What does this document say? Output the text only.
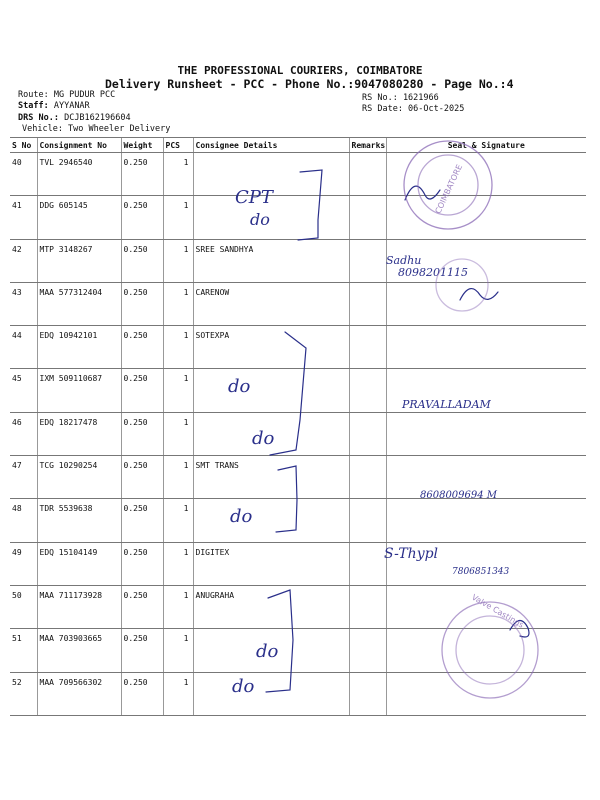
THE PROFESSIONAL COURIERS, COIMBATORE
Delivery Runsheet - PCC - Phone No.:9047080280 - Page No.:4
Route: MG PUDUR PCC
Staff: AYYANAR
DRS No.: DCJB162196604
Vehicle: Two Wheeler Delivery
RS No.: 1621966
RS Date: 06-Oct-2025
S No	Consignment No	Weight	PCS	Consignee Details	Remarks	Seal & Signature
40	TVL 2946540	0.250	1			
41	DDG 605145	0.250	1			
42	MTP 3148267	0.250	1	SREE SANDHYA		
43	MAA 577312404	0.250	1	CARENOW		
44	EDQ 10942101	0.250	1	SOTEXPA		
45	IXM 509110687	0.250	1			
46	EDQ 18217478	0.250	1			
47	TCG 10290254	0.250	1	SMT TRANS		
48	TDR 5539638	0.250	1			
49	EDQ 15104149	0.250	1	DIGITEX		
50	MAA 711173928	0.250	1	ANUGRAHA		
51	MAA 703903665	0.250	1			
52	MAA 709566302	0.250	1			
CPT
do
do
do
do
do
do
Sadhu
8098201115
PRAVALLADAM
8608009694 M
S-Thypl
7806851343
COIMBATORE
Valve Castings
